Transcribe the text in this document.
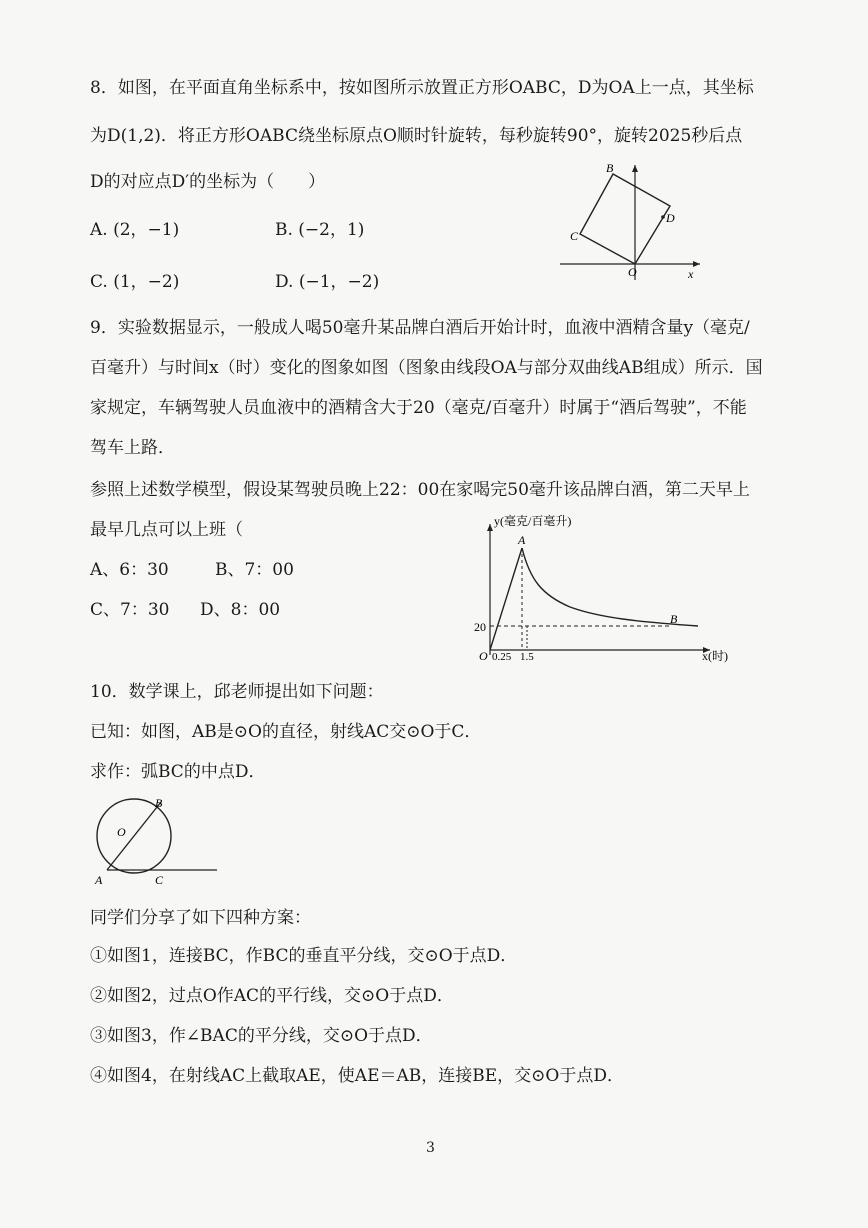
8．如图，在平面直角坐标系中，按如图所示放置正方形OABC，D为OA上一点，其坐标
为D(1,2)．将正方形OABC绕坐标原点O顺时针旋转，每秒旋转90°，旋转2025秒后点
D的对应点D′的坐标为（　　）
A. (2，−1)	B. (−2，1)
C. (1，−2)	D. (−1，−2)
B
C
D
O	x
9．实验数据显示，一般成人喝50毫升某品牌白酒后开始计时，血液中酒精含量y（毫克/
百毫升）与时间x（时）变化的图象如图（图象由线段OA与部分双曲线AB组成）所示．国
家规定，车辆驾驶人员血液中的酒精含大于20（毫克/百毫升）时属于“酒后驾驶”，不能
驾车上路．
参照上述数学模型，假设某驾驶员晚上22：00在家喝完50毫升该品牌白酒，第二天早上
最早几点可以上班（
A、6：30	B、7：00
C、7：30 D、8：00
y(毫克/百毫升)
x(时)
A
B
O
20
0.25 1.5
10．数学课上，邱老师提出如下问题：
已知：如图，AB是⊙O的直径，射线AC交⊙O于C．
求作：弧BC的中点D．
O
B
A	C
同学们分享了如下四种方案：
①如图1，连接BC，作BC的垂直平分线，交⊙O于点D．
②如图2，过点O作AC的平行线，交⊙O于点D．
③如图3，作∠BAC的平分线，交⊙O于点D．
④如图4，在射线AC上截取AE，使AE＝AB，连接BE，交⊙O于点D．
3
